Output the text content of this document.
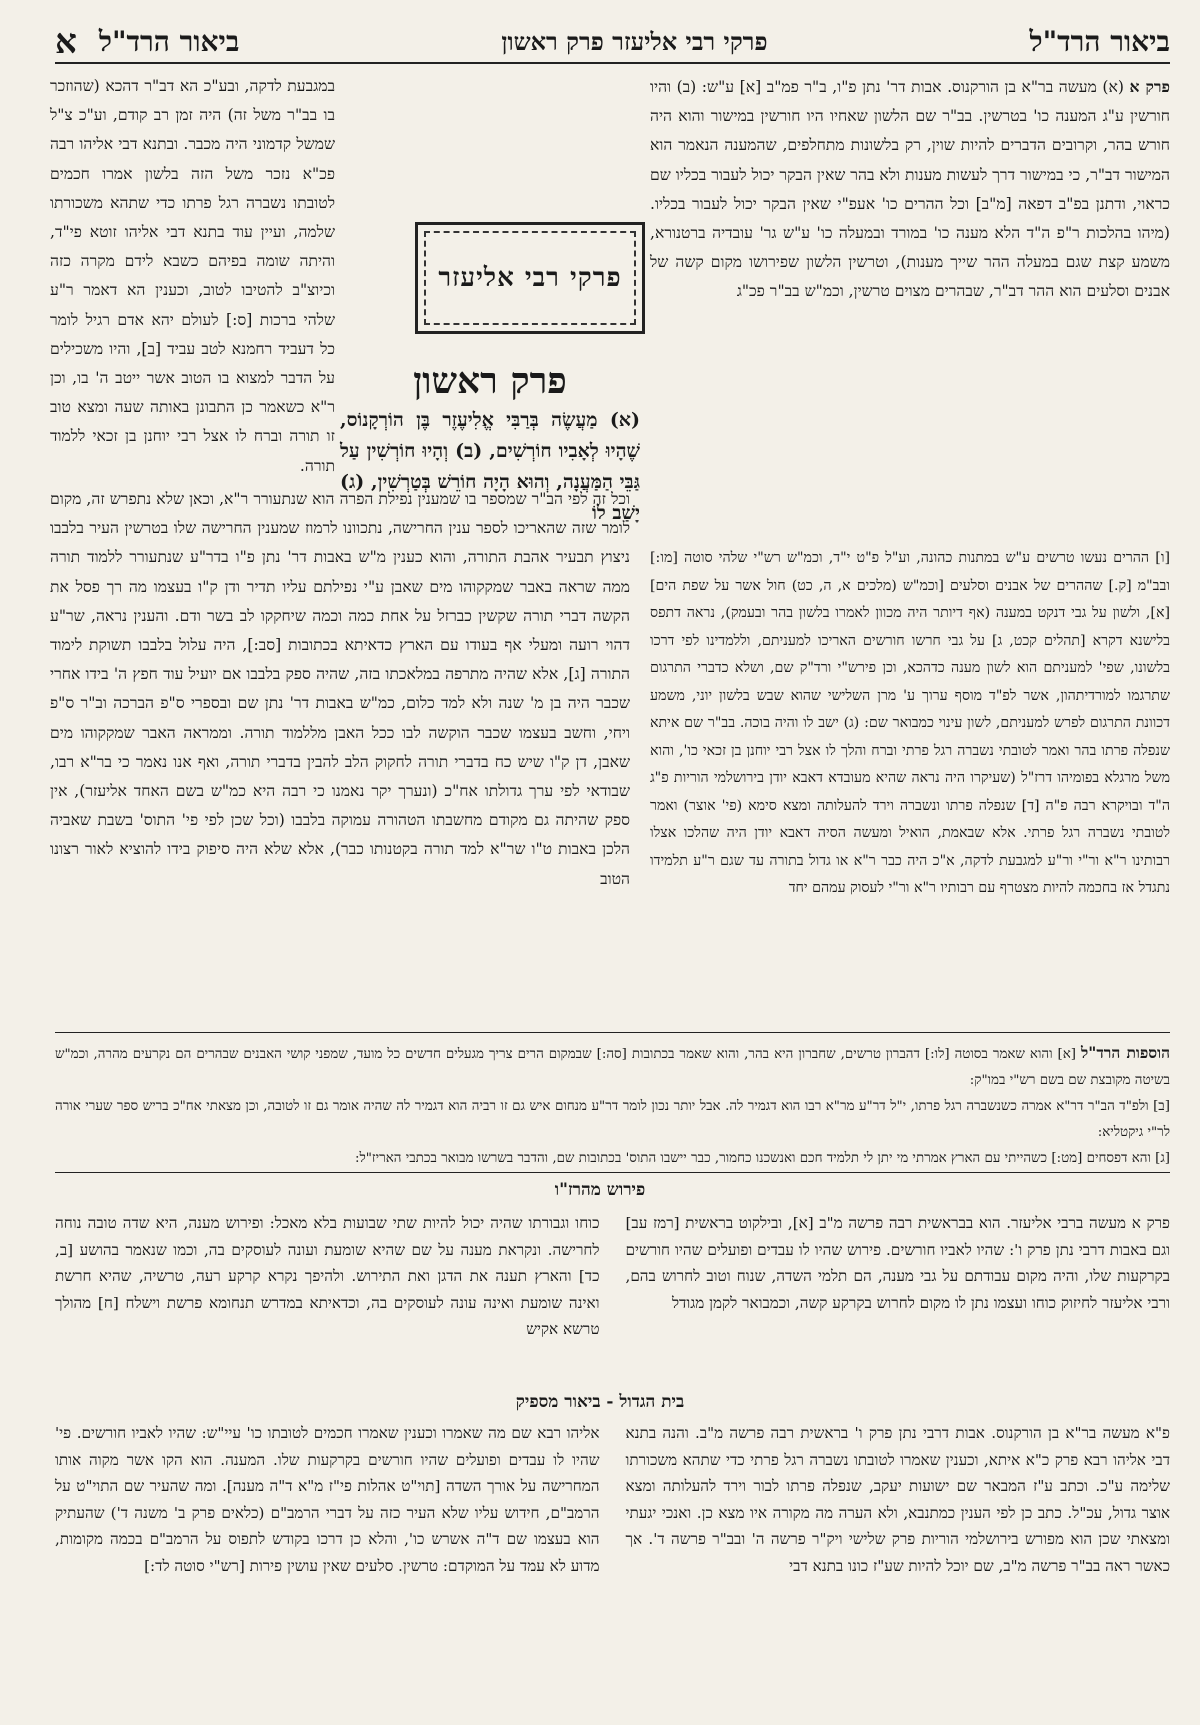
ביאור הרד"ל
פרקי רבי אליעזר פרק ראשון
ביאור הרד"ל
א

פרק א (א) מעשה בר"א בן הורקנוס. אבות דר' נתן פ"ו, ב"ר פמ"ב [א] ע"ש: (ב) והיו חורשין ע"ג המענה כו' בטרשין. בב"ר שם הלשון שאחיו היו חורשין במישור והוא היה חורש בהר, וקרובים הדברים להיות שוין, רק בלשונות מתחלפים, שהמענה הנאמר הוא המישור דב"ר, כי במישור דרך לעשות מענות ולא בהר שאין הבקר יכול לעבור בכליו שם כראוי, ודתנן בפ"ב דפאה [מ"ב] וכל ההרים כו' אעפ"י שאין הבקר יכול לעבור בכליו. (מיהו בהלכות ר"פ ה"ד הלא מענה כו' במורד ובמעלה כו' ע"ש גר' עובדיה ברטנורא, משמע קצת שגם במעלה ההר שייך מענות), וטרשין הלשון שפירושו מקום קשה של אבנים וסלעים הוא ההר דב"ר, שבהרים מצוים טרשין, וכמ"ש בב"ר פכ"ג

במגבעת לדקה, ובע"כ הא דב"ר דהכא (שהוזכר בו בב"ר משל זה) היה זמן רב קודם, וע"כ צ"ל שמשל קדמוני היה מכבר. ובתנא דבי אליהו רבה פכ"א נזכר משל הזה בלשון אמרו חכמים לטובתו נשברה רגל פרתו כדי שתהא משכורתו שלמה, ועיין עוד בתנא דבי אליהו זוטא פי"ד, והיתה שומה בפיהם כשבא לידם מקרה כזה וכיוצ"ב להטיבו לטוב, וכענין הא דאמר ר"ע שלהי ברכות [ס:] לעולם יהא אדם רגיל לומר כל דעביד רחמנא לטב עביד [ב], והיו משכילים על הדבר למצוא בו הטוב אשר ייטב ה' בו, וכן ר"א כשאמר כן התבונן באותה שעה ומצא טוב זו תורה וברח לו אצל רבי יוחנן בן זכאי ללמוד תורה.

פרקי רבי אליעזר
פרק ראשון
(א) מַעֲשֶׂה בְּרַבִּי אֱלִיעֶזֶר בֶּן הוֹרְקָנוֹס, שֶׁהָיוּ לְאָבִיו חוֹרְשִׁים, (ב) וְהָיוּ חוֹרְשִׁין עַל גַּבֵּי הַמַּעֲנָה, וְהוּא הָיָה חוֹרֵשׁ בְּטַרְשִׁין, (ג) יָשַׁב לוֹ

וכל זה לפי הב"ר שמספר בו שמענין נפילת הפרה הוא שנתעורר ר"א, וכאן שלא נתפרש זה, מקום לומר שזה שהאריכו לספר ענין החרישה, נתכוונו לרמוז שמענין החרישה שלו בטרשין העיר בלבבו ניצוץ תבעיר אהבת התורה, והוא כענין מ"ש באבות דר' נתן פ"ו בדר"ע שנתעורר ללמוד תורה ממה שראה באבר שמקקוהו מים שאבן ע"י נפילתם עליו תדיר ודן ק"ו בעצמו מה רך פסל את הקשה דברי תורה שקשין כברזל על אחת כמה וכמה שיחקקו לב בשר ודם. והענין נראה, שר"ע דהוי רועה ומעלי אף בעודו עם הארץ כדאיתא בכתובות [סב:], היה עלול בלבבו תשוקת לימוד התורה [ג], אלא שהיה מתרפה במלאכתו בזה, שהיה ספק בלבבו אם יועיל עוד חפץ ה' בידו אחרי שכבר היה בן מ' שנה ולא למד כלום, כמ"ש באבות דר' נתן שם ובספרי ס"פ הברכה וב"ר ס"פ ויחי, וחשב בעצמו שכבר הוקשה לבו ככל האבן מללמוד תורה. וממראה האבר שמקקוהו מים שאבן, דן ק"ו שיש כח בדברי תורה לחקוק הלב להבין בדברי תורה, ואף אנו נאמר כי בר"א רבו, שבודאי לפי ערך גדולתו אח"כ (ונערך יקר נאמנו כי רבה היא כמ"ש בשם האחד אליעזר), אין ספק שהיתה גם מקודם מחשבתו הטהורה עמוקה בלבבו (וכל שכן לפי פי' התוס' בשבת שאביה הלכן באבות ט"ו שר"א למד תורה בקטנותו כבר), אלא שלא היה סיפוק בידו להוציא לאור רצונו הטוב

[ו] ההרים נעשו טרשים ע"ש במתנות כהונה, וע"ל פ"ט י"ד, וכמ"ש רש"י שלהי סוטה [מו:] ובב"מ [ק.] שההרים של אבנים וסלעים [וכמ"ש (מלכים א, ה, כט) חול אשר על שפת הים] [א], ולשון על גבי דנקט במענה (אף דיותר היה מכוון לאמרו בלשון בהר ובעמק), נראה דתפס בלישנא דקרא [תהלים קכט, ג] על גבי חרשו חורשים האריכו למעניתם, וללמדינו לפי דרכו בלשונו, שפי' למעניתם הוא לשון מענה כדהכא, וכן פירש"י ורד"ק שם, ושלא כדברי התרגום שתרגמו למורדיתהון, אשר לפ"ד מוסף ערוך ע' מרן השלישי שהוא שבש בלשון יוני, משמע דכוונת התרגום לפרש למעניתם, לשון עינוי כמבואר שם: (ג) ישב לו והיה בוכה. בב"ר שם איתא שנפלה פרתו בהר ואמר לטובתי נשברה רגל פרתי וברח והלך לו אצל רבי יוחנן בן זכאי כו', והוא משל מרגלא בפומיהו דרז"ל (שעיקרו היה נראה שהיא מעובדא דאבא יודן בירושלמי הוריות פ"ג ה"ד ובויקרא רבה פ"ה [ד] שנפלה פרתו ונשברה וירד להעלותה ומצא סימא (פי' אוצר) ואמר לטובתי נשברה רגל פרתי. אלא שבאמת, הואיל ומעשה הסיה דאבא יודן היה שהלכו אצלו רבותינו ר"א ור"י ור"ע למגבעת לדקה, א"כ היה כבר ר"א או גדול בתורה עד שגם ר"ע תלמידו נתגדל אז בחכמה להיות מצטרף עם רבותיו ר"א ור"י לעסוק עמהם יחד

הוספות הרד"ל [א] והוא שאמר בסוטה [לו:] דהברון טרשים, שחברון היא בהר, והוא שאמר בכתובות [סה:] שבמקום הרים צריך מגעלים חדשים כל מועד, שמפני קושי האבנים שבהרים הם נקרעים מהרה, וכמ"ש בשיטה מקובצת שם בשם רש"י במו"ק:

[ב] ולפ"ד הב"ר דר"א אמרה כשנשברה רגל פרתו, י"ל דר"ע מר"א רבו הוא דגמיר לה. אבל יותר נכון לומר דר"ע מנחום איש גם זו רביה הוא דגמיר לה שהיה אומר גם זו לטובה, וכן מצאתי אח"כ בריש ספר שערי אורה לר"י גיקטליא:

[ג] והא דפסחים [מט:] כשהייתי עם הארץ אמרתי מי יתן לי תלמיד חכם ואנשכנו כחמור, כבר יישבו התוס' בכתובות שם, והדבר בשרשו מבואר בכתבי האריז"ל:

פירוש מהרז"ו

פרק א מעשה ברבי אליעזר. הוא בבראשית רבה פרשה מ"ב [א], ובילקוט בראשית [רמז עב] וגם באבות דרבי נתן פרק ו': שהיו לאביו חורשים. פירוש שהיו לו עבדים ופועלים שהיו חורשים בקרקעות שלו, והיה מקום עבודתם על גבי מענה, הם תלמי השדה, שנוח וטוב לחרוש בהם, ורבי אליעזר לחיזוק כוחו ועצמו נתן לו מקום לחרוש בקרקע קשה, וכמבואר לקמן מגודל

כוחו וגבורתו שהיה יכול להיות שתי שבועות בלא מאכל: ופירוש מענה, היא שדה טובה נוחה לחרישה. ונקראת מענה על שם שהיא שומעת ועונה לעוסקים בה, וכמו שנאמר בהושע [ב, כד] והארץ תענה את הדגן ואת התירוש. ולהיפך נקרא קרקע רעה, טרשיה, שהיא חרשת ואינה שומעת ואינה עונה לעוסקים בה, וכדאיתא במדרש תנחומא פרשת וישלח [ח] מהולך טרשא אקיש

בית הגדול - ביאור מספיק

פ"א מעשה בר"א בן הורקנוס. אבות דרבי נתן פרק ו' בראשית רבה פרשה מ"ב. והנה בתנא דבי אליהו רבא פרק כ"א איתא, וכענין שאמרו לטובתו נשברה רגל פרתי כדי שתהא משכורתו שלימה ע"כ. וכתב ע"ז המבאר שם ישועות יעקב, שנפלה פרתו לבור וירד להעלותה ומצא אוצר גדול, עכ"ל. כתב כן לפי הענין כמתנבא, ולא הערה מה מקורה איו מצא כן. ואנכי יגעתי ומצאתי שכן הוא מפורש בירושלמי הוריות פרק שלישי ויק"ר פרשה ה' ובב"ר פרשה ד'. אך כאשר ראה בב"ר פרשה מ"ב, שם יוכל להיות שע"ז כונו בתנא דבי

אליהו רבא שם מה שאמרו וכענין שאמרו חכמים לטובתו כו' עיי"ש: שהיו לאביו חורשים. פי' שהיו לו עבדים ופועלים שהיו חורשים בקרקעות שלו. המענה. הוא הקו אשר מקוה אותו המחרישה על אורך השדה [תוי"ט אהלות פי"ז מ"א ד"ה מענה]. ומה שהעיר שם התוי"ט על הרמב"ם, חידוש עליו שלא העיר כזה על דברי הרמב"ם (כלאים פרק ב' משנה ד') שהעתיק הוא בעצמו שם ד"ה אשרש כו', והלא כן דרכו בקודש לתפוס על הרמב"ם בכמה מקומות, מדוע לא עמד על המוקדם: טרשין. סלעים שאין עושין פירות [רש"י סוטה לד:]
